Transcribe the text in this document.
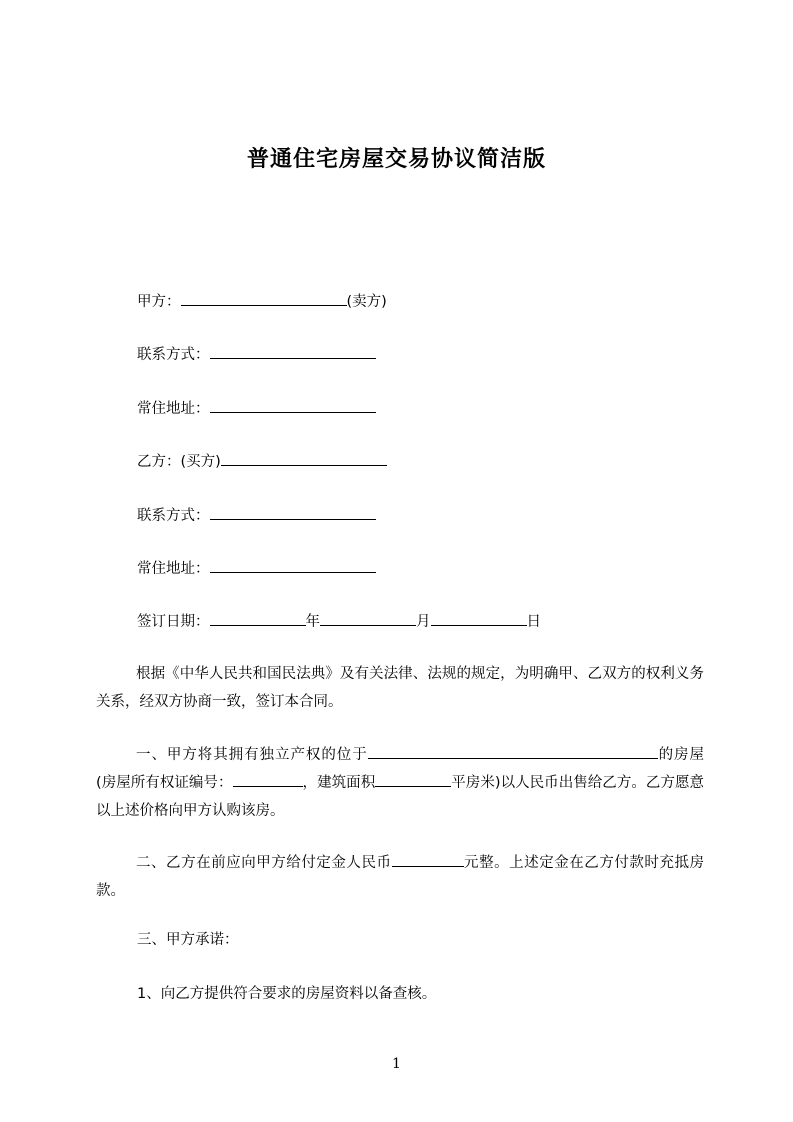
普通住宅房屋交易协议简洁版
甲方：	(卖方)
联系方式：
常住地址：
乙方：(买方)
联系方式：
常住地址：
签订日期：	年	月	日
根据《中华人民共和国民法典》及有关法律、法规的规定，为明确甲、乙双方的权利义务关系，经双方协商一致，签订本合同。
一、甲方将其拥有独立产权的位于	的房屋(房屋所有权证编号：	，建筑面积	平房米)以人民币出售给乙方。乙方愿意以上述价格向甲方认购该房。
二、乙方在前应向甲方给付定金人民币	元整。上述定金在乙方付款时充抵房款。
三、甲方承诺：
1、向乙方提供符合要求的房屋资料以备查核。
1
